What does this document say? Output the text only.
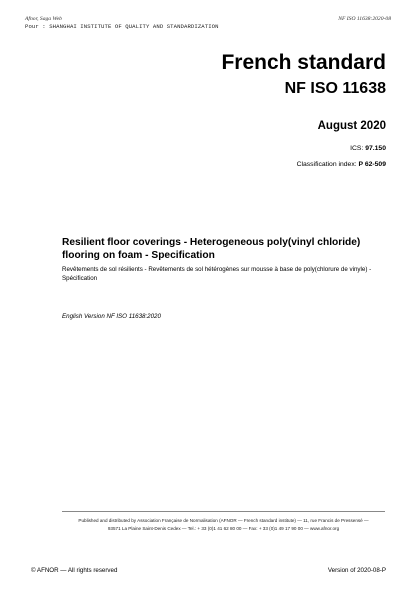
Afnor, Saga Web
Pour : SHANGHAI INSTITUTE OF QUALITY AND STANDARDIZATION
NF ISO 11638:2020-08
French standard
NF ISO 11638
August 2020
ICS: 97.150
Classification index: P 62-509
Resilient floor coverings - Heterogeneous poly(vinyl chloride) flooring on foam - Specification
Revêtements de sol résilients - Revêtements de sol hétérogènes sur mousse à base de poly(chlorure de vinyle) - Spécification
English Version NF ISO 11638:2020
Published and distributed by Association Française de Normalisation (AFNOR — French standard institute) — 11, rue Francis de Pressensé —
93571 La Plaine Saint-Denis Cedex — Tel.: + 33 (0)1 41 62 80 00 — Fax: + 33 (0)1 49 17 90 00 — www.afnor.org
© AFNOR — All rights reserved	Version of 2020-08-P
